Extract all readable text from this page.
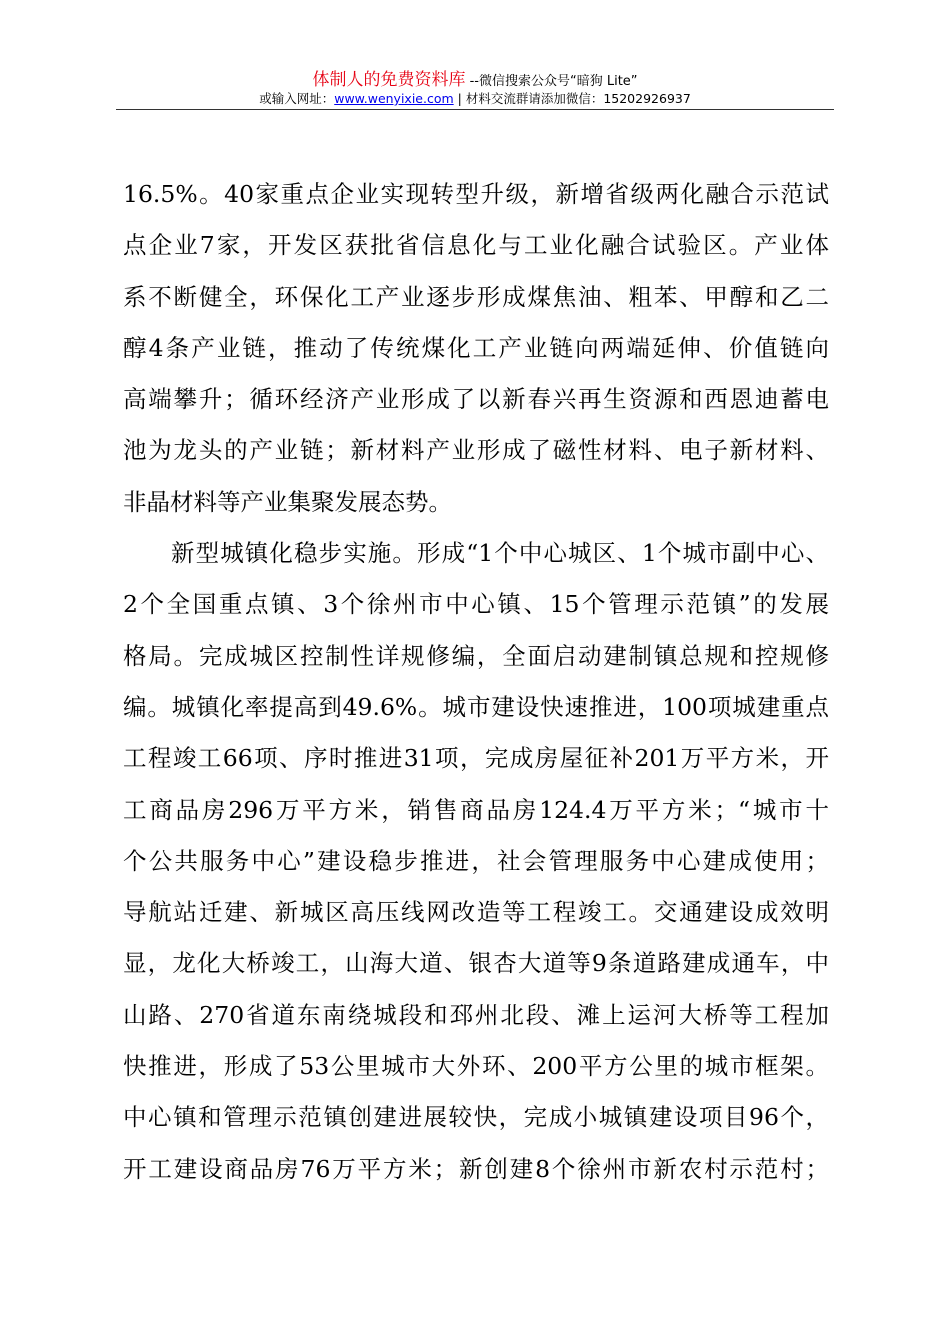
体制人的免费资料库 --微信搜索公众号“暗狗 Lite”
或输入网址：www.wenyixie.com | 材料交流群请添加微信：15202926937
16.5%。40家重点企业实现转型升级，新增省级两化融合示范试
点企业7家，开发区获批省信息化与工业化融合试验区。产业体
系不断健全，环保化工产业逐步形成煤焦油、粗苯、甲醇和乙二
醇4条产业链，推动了传统煤化工产业链向两端延伸、价值链向
高端攀升；循环经济产业形成了以新春兴再生资源和西恩迪蓄电
池为龙头的产业链；新材料产业形成了磁性材料、电子新材料、
非晶材料等产业集聚发展态势。
新型城镇化稳步实施。形成“1个中心城区、1个城市副中心、
2个全国重点镇、3个徐州市中心镇、15个管理示范镇”的发展
格局。完成城区控制性详规修编，全面启动建制镇总规和控规修
编。城镇化率提高到49.6%。城市建设快速推进，100项城建重点
工程竣工66项、序时推进31项，完成房屋征补201万平方米，开
工商品房296万平方米，销售商品房124.4万平方米；“城市十
个公共服务中心”建设稳步推进，社会管理服务中心建成使用；
导航站迁建、新城区高压线网改造等工程竣工。交通建设成效明
显，龙化大桥竣工，山海大道、银杏大道等9条道路建成通车，中
山路、270省道东南绕城段和邳州北段、滩上运河大桥等工程加
快推进，形成了53公里城市大外环、200平方公里的城市框架。
中心镇和管理示范镇创建进展较快，完成小城镇建设项目96个，
开工建设商品房76万平方米；新创建8个徐州市新农村示范村；
